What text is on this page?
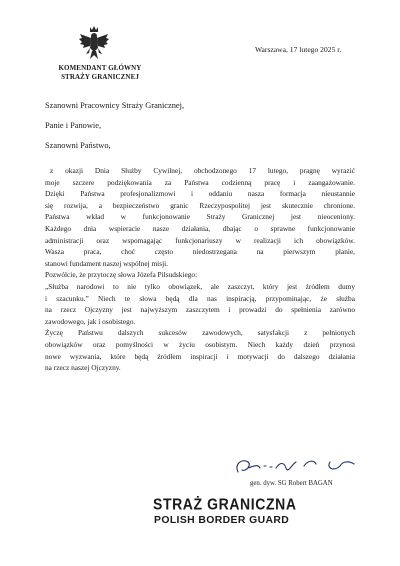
KOMENDANT GŁÓWNY
STRAŻY GRANICZNEJ
Warszawa, 17 lutego 2025 r.
Szanowni Pracownicy Straży Granicznej,
Panie i Panowie,
Szanowni Państwo,

z okazji Dnia Służby Cywilnej, obchodzonego 17 lutego, pragnę wyrazić

moje szczere podziękowania za Państwa codzienną pracę i zaangażowanie.

Dzięki Państwa profesjonalizmowi i oddaniu nasza formacja nieustannie

się rozwija, a bezpieczeństwo granic Rzeczypospolitej jest skutecznie chronione.

Państwa wkład w funkcjonowanie Straży Granicznej jest nieoceniony.

Każdego dnia wspieracie nasze działania, dbając o sprawne funkcjonowanie

administracji oraz wspomagając funkcjonariuszy w realizacji ich obowiązków.

Wasza praca, choć często niedostrzegana na pierwszym planie,

stanowi fundament naszej wspólnej misji.

Pozwólcie, że przytoczę słowa Józefa Piłsudskiego:

„Służba narodowi to nie tylko obowiązek, ale zaszczyt, który jest źródłem dumy

i szacunku.” Niech te słowa będą dla nas inspiracją, przypominając, że służba

na rzecz Ojczyzny jest najwyższym zaszczytem i prowadzi do spełnienia zarówno

zawodowego, jak i osobistego.

Życzę Państwu dalszych sukcesów zawodowych, satysfakcji z pełnionych

obowiązków oraz pomyślności w życiu osobistym. Niech każdy dzień przynosi

nowe wyzwania, które będą źródłem inspiracji i motywacji do dalszego działania

na rzecz naszej Ojczyzny.

gen. dyw. SG Robert BAGAN
STRAŻ GRANICZNA
POLISH BORDER GUARD
